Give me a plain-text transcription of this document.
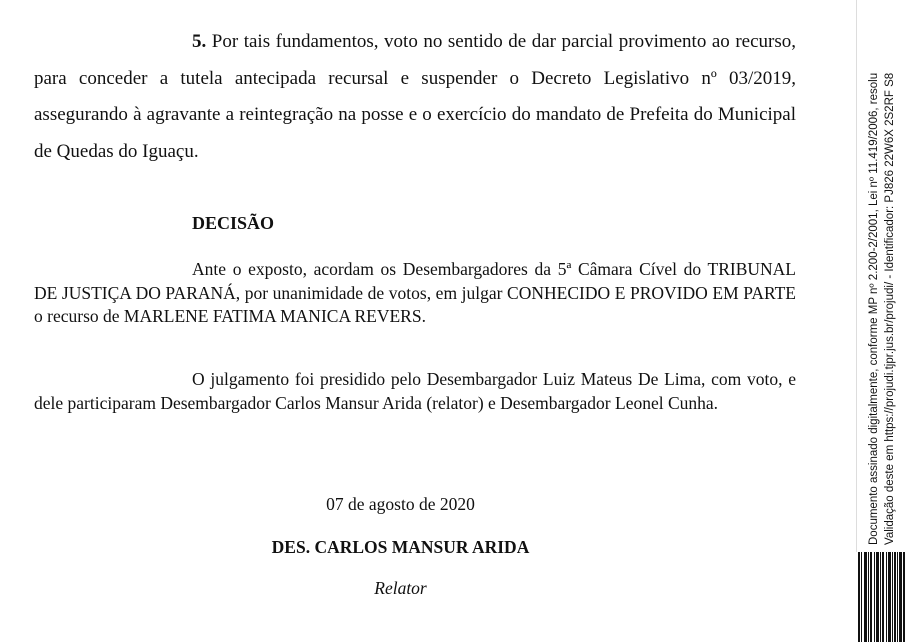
5. Por tais fundamentos, voto no sentido de dar parcial provimento ao recurso, para conceder a tutela antecipada recursal e suspender o Decreto Legislativo nº 03/2019, assegurando à agravante a reintegração na posse e o exercício do mandato de Prefeita do Municipal de Quedas do Iguaçu.

DECISÃO

Ante o exposto, acordam os Desembargadores da 5ª Câmara Cível do TRIBUNAL DE JUSTIÇA DO PARANÁ, por unanimidade de votos, em julgar CONHECIDO E PROVIDO EM PARTE o recurso de MARLENE FATIMA MANICA REVERS.

O julgamento foi presidido pelo Desembargador Luiz Mateus De Lima, com voto, e dele participaram Desembargador Carlos Mansur Arida (relator) e Desembargador Leonel Cunha.

07 de agosto de 2020

DES. CARLOS MANSUR ARIDA

Relator

Documento assinado digitalmente, conforme MP nº 2.200-2/2001, Lei nº 11.419/2006, resolu Validação deste em https://projudi.tjpr.jus.br/projudi/ - Identificador: PJ826 22W6X 2S2RF S8
